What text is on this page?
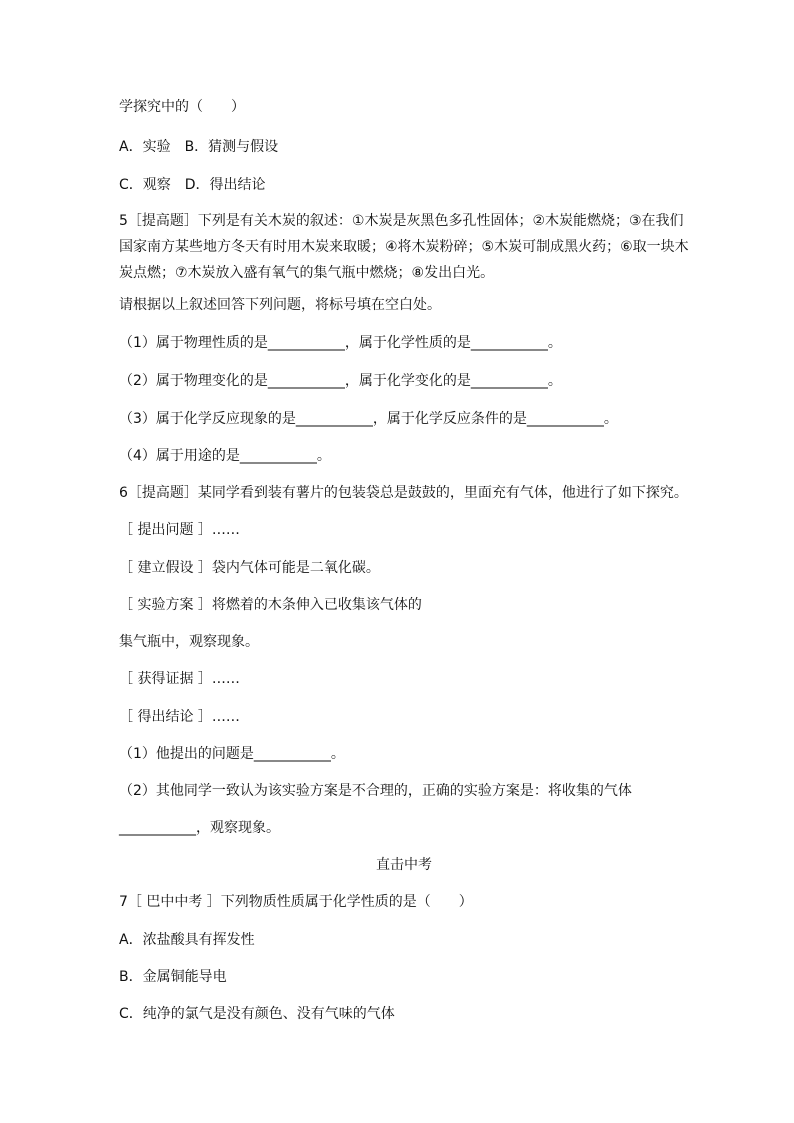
学探究中的（　　）
A．实验　B．猜测与假设
C．观察　D．得出结论
5［提高题］下列是有关木炭的叙述：①木炭是灰黑色多孔性固体；②木炭能燃烧；③在我们国家南方某些地方冬天有时用木炭来取暖；④将木炭粉碎；⑤木炭可制成黑火药；⑥取一块木炭点燃；⑦木炭放入盛有氧气的集气瓶中燃烧；⑧发出白光。
请根据以上叙述回答下列问题，将标号填在空白处。
（1）属于物理性质的是___________，属于化学性质的是___________。
（2）属于物理变化的是___________，属于化学变化的是___________。
（3）属于化学反应现象的是___________，属于化学反应条件的是___________。
（4）属于用途的是___________。
6［提高题］某同学看到装有薯片的包装袋总是鼓鼓的，里面充有气体，他进行了如下探究。
［ 提出问题 ］……
［ 建立假设 ］袋内气体可能是二氧化碳。
［ 实验方案 ］将燃着的木条伸入已收集该气体的
集气瓶中，观察现象。
［ 获得证据 ］……
［ 得出结论 ］……
（1）他提出的问题是___________。
（2）其他同学一致认为该实验方案是不合理的，正确的实验方案是：将收集的气体
___________，观察现象。
直击中考
7［ 巴中中考 ］下列物质性质属于化学性质的是（　　）
A．浓盐酸具有挥发性
B．金属铜能导电
C．纯净的氯气是没有颜色、没有气味的气体
